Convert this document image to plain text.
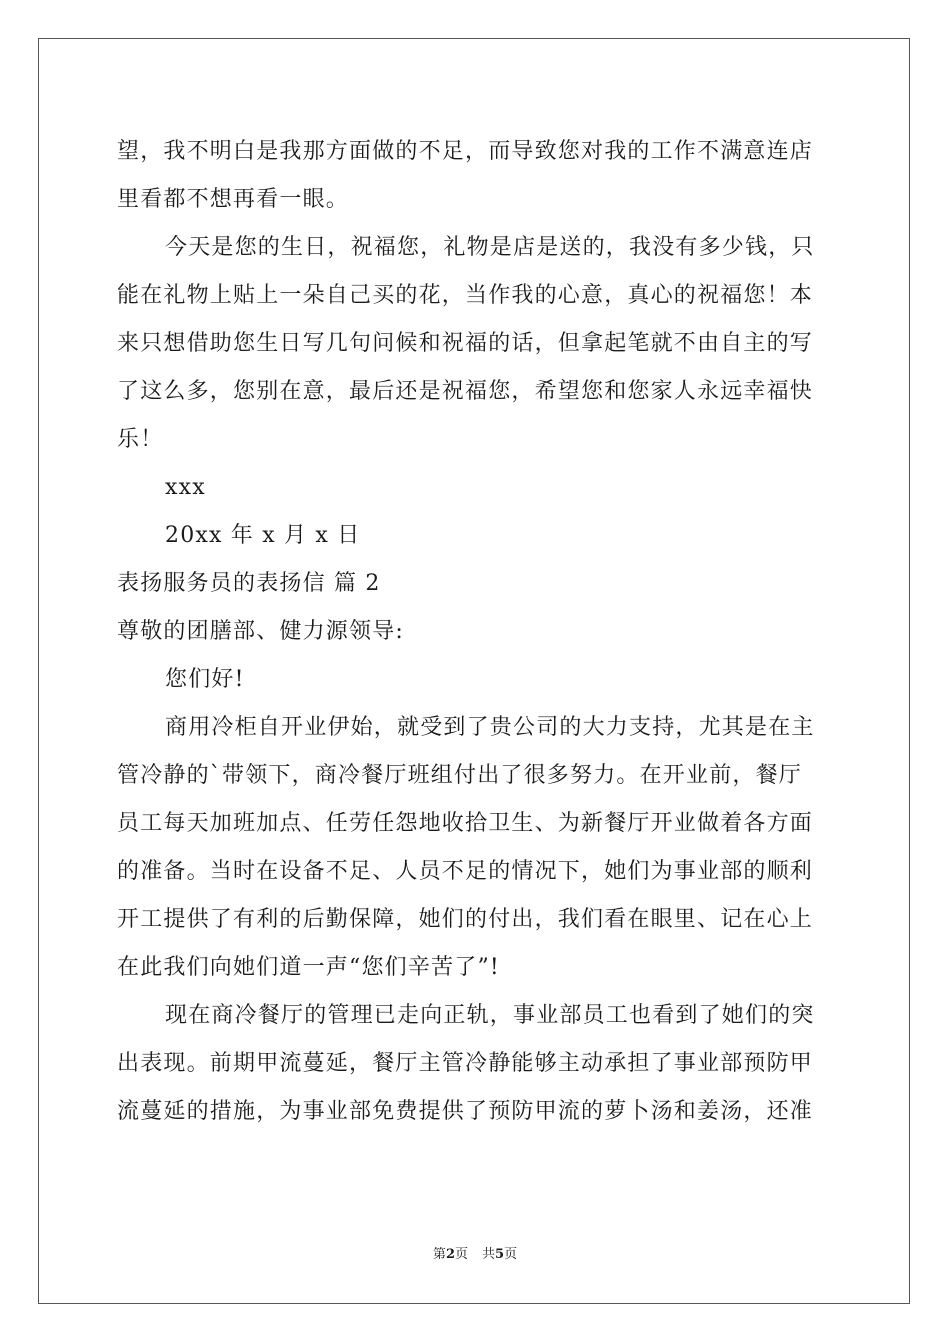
望，我不明白是我那方面做的不足，而导致您对我的工作不满意连店
里看都不想再看一眼。
今天是您的生日，祝福您，礼物是店是送的，我没有多少钱，只
能在礼物上贴上一朵自己买的花，当作我的心意，真心的祝福您！本
来只想借助您生日写几句问候和祝福的话，但拿起笔就不由自主的写
了这么多，您别在意，最后还是祝福您，希望您和您家人永远幸福快
乐！
xxx
20xx 年 x 月 x 日
表扬服务员的表扬信 篇 2
尊敬的团膳部、健力源领导:
您们好!
商用冷柜自开业伊始，就受到了贵公司的大力支持，尤其是在主
管冷静的`带领下，商冷餐厅班组付出了很多努力。在开业前，餐厅
员工每天加班加点、任劳任怨地收拾卫生、为新餐厅开业做着各方面
的准备。当时在设备不足、人员不足的情况下，她们为事业部的顺利
开工提供了有利的后勤保障，她们的付出，我们看在眼里、记在心上
在此我们向她们道一声“您们辛苦了”!
现在商冷餐厅的管理已走向正轨，事业部员工也看到了她们的突
出表现。前期甲流蔓延，餐厅主管冷静能够主动承担了事业部预防甲
流蔓延的措施，为事业部免费提供了预防甲流的萝卜汤和姜汤，还准
第2页 共5页
